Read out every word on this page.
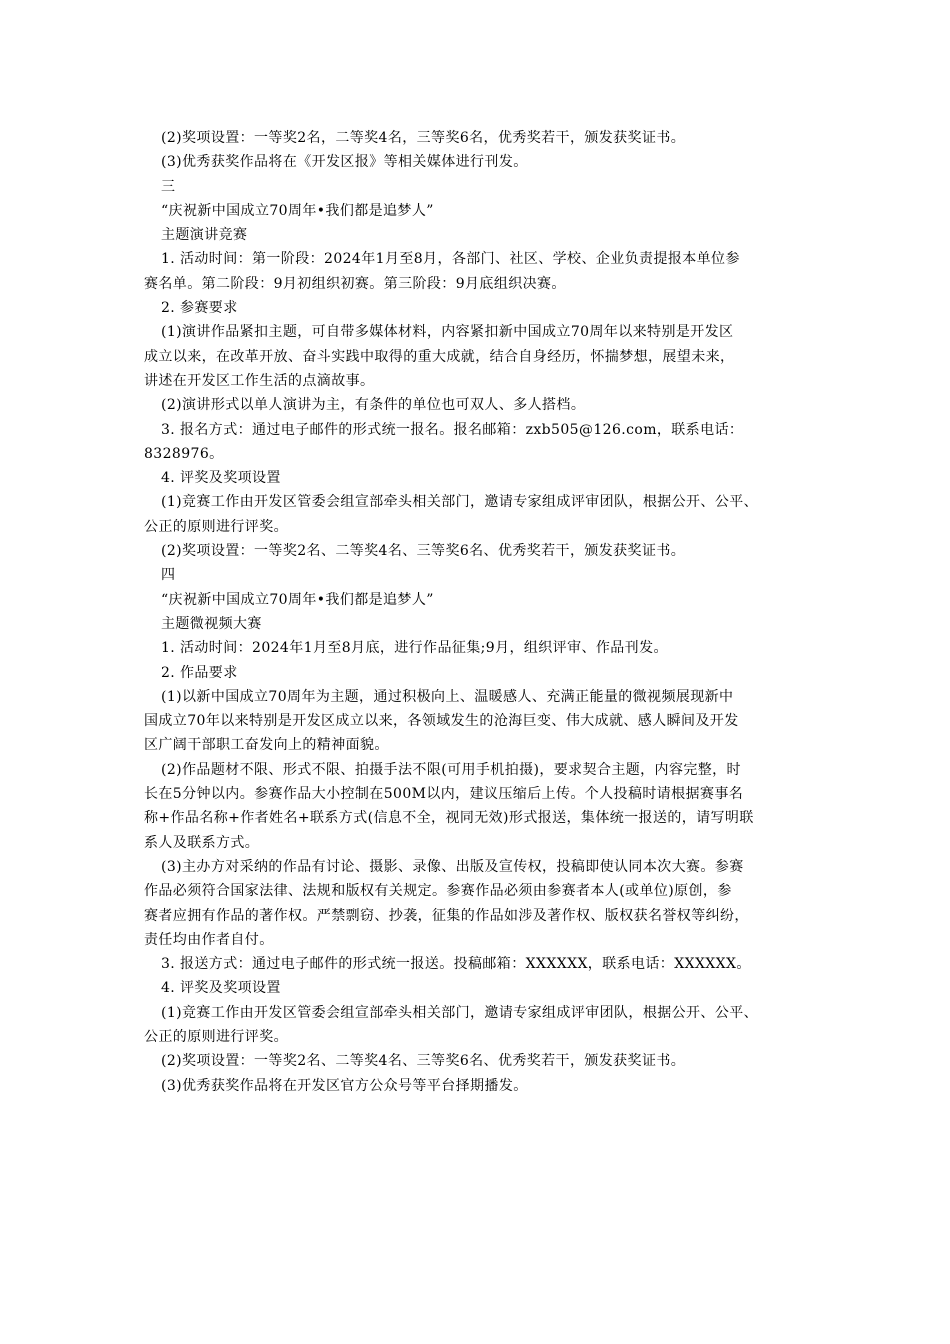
(2)奖项设置：一等奖2名，二等奖4名，三等奖6名，优秀奖若干，颁发获奖证书。
(3)优秀获奖作品将在《开发区报》等相关媒体进行刊发。
三
“庆祝新中国成立70周年•我们都是追梦人”
主题演讲竞赛
1. 活动时间：第一阶段：2024年1月至8月，各部门、社区、学校、企业负责提报本单位参
赛名单。第二阶段：9月初组织初赛。第三阶段：9月底组织决赛。
2. 参赛要求
(1)演讲作品紧扣主题，可自带多媒体材料，内容紧扣新中国成立70周年以来特别是开发区
成立以来，在改革开放、奋斗实践中取得的重大成就，结合自身经历，怀揣梦想，展望未来，
讲述在开发区工作生活的点滴故事。
(2)演讲形式以单人演讲为主，有条件的单位也可双人、多人搭档。
3. 报名方式：通过电子邮件的形式统一报名。报名邮箱：zxb505@126.com，联系电话：
8328976。
4. 评奖及奖项设置
(1)竞赛工作由开发区管委会组宣部牵头相关部门，邀请专家组成评审团队，根据公开、公平、
公正的原则进行评奖。
(2)奖项设置：一等奖2名、二等奖4名、三等奖6名、优秀奖若干，颁发获奖证书。
四
“庆祝新中国成立70周年•我们都是追梦人”
主题微视频大赛
1. 活动时间：2024年1月至8月底，进行作品征集;9月，组织评审、作品刊发。
2. 作品要求
(1)以新中国成立70周年为主题，通过积极向上、温暖感人、充满正能量的微视频展现新中
国成立70年以来特别是开发区成立以来，各领域发生的沧海巨变、伟大成就、感人瞬间及开发
区广阔干部职工奋发向上的精神面貌。
(2)作品题材不限、形式不限、拍摄手法不限(可用手机拍摄)，要求契合主题，内容完整，时
长在5分钟以内。参赛作品大小控制在500M以内，建议压缩后上传。个人投稿时请根据赛事名
称+作品名称+作者姓名+联系方式(信息不全，视同无效)形式报送，集体统一报送的，请写明联
系人及联系方式。
(3)主办方对采纳的作品有讨论、摄影、录像、出版及宣传权，投稿即使认同本次大赛。参赛
作品必须符合国家法律、法规和版权有关规定。参赛作品必须由参赛者本人(或单位)原创，参
赛者应拥有作品的著作权。严禁剽窃、抄袭，征集的作品如涉及著作权、版权获名誉权等纠纷，
责任均由作者自付。
3. 报送方式：通过电子邮件的形式统一报送。投稿邮箱：XXXXXX，联系电话：XXXXXX。
4. 评奖及奖项设置
(1)竞赛工作由开发区管委会组宣部牵头相关部门，邀请专家组成评审团队，根据公开、公平、
公正的原则进行评奖。
(2)奖项设置：一等奖2名、二等奖4名、三等奖6名、优秀奖若干，颁发获奖证书。
(3)优秀获奖作品将在开发区官方公众号等平台择期播发。
